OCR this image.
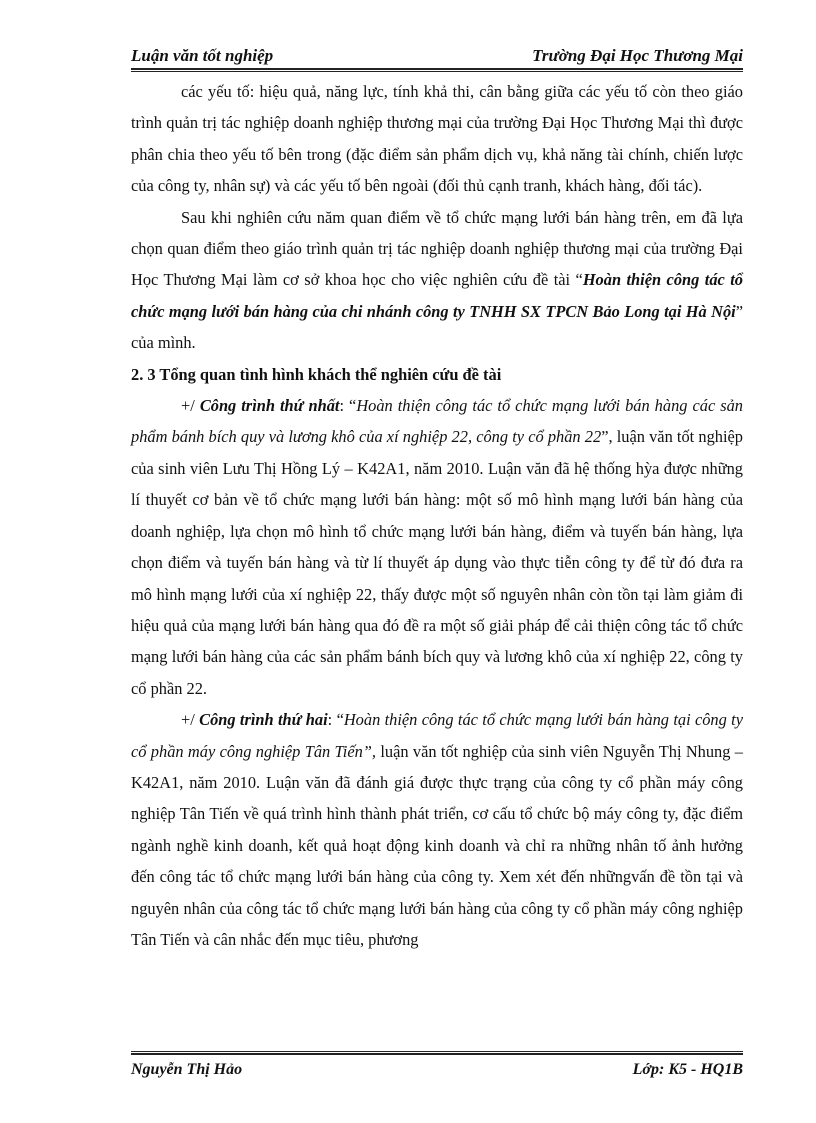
Luận văn tốt nghiệp	Trường Đại Học Thương Mại

các yếu tố: hiệu quả, năng lực, tính khả thi, cân bằng giữa các yếu tố còn theo giáo trình quản trị tác nghiệp doanh nghiệp thương mại của trường Đại Học Thương Mại thì được phân chia theo yếu tố bên trong (đặc điểm sản phẩm dịch vụ, khả năng tài chính, chiến lược của công ty, nhân sự) và các yếu tố bên ngoài (đối thủ cạnh tranh, khách hàng, đối tác).

Sau khi nghiên cứu năm quan điểm về tổ chức mạng lưới bán hàng trên, em đã lựa chọn quan điểm theo giáo trình quản trị tác nghiệp doanh nghiệp thương mại của trường Đại Học Thương Mại làm cơ sở khoa học cho việc nghiên cứu đề tài “Hoàn thiện công tác tổ chức mạng lưới bán hàng của chi nhánh công ty TNHH SX TPCN Bảo Long tại Hà Nội” của mình.

2. 3 Tổng quan tình hình khách thể nghiên cứu đề tài

+/ Công trình thứ nhất: “Hoàn thiện công tác tổ chức mạng lưới bán hàng các sản phẩm bánh bích quy và lương khô của xí nghiệp 22, công ty cổ phần 22”, luận văn tốt nghiệp của sinh viên Lưu Thị Hồng Lý – K42A1, năm 2010. Luận văn đã hệ thống hỳa được những lí thuyết cơ bản về tổ chức mạng lưới bán hàng: một số mô hình mạng lưới bán hàng của doanh nghiệp, lựa chọn mô hình tổ chức mạng lưới bán hàng, điểm và tuyến bán hàng, lựa chọn điểm và tuyến bán hàng và từ lí thuyết áp dụng vào thực tiễn công ty để từ đó đưa ra mô hình mạng lưới của xí nghiệp 22, thấy được một số nguyên nhân còn tồn tại làm giảm đi hiệu quả của mạng lưới bán hàng qua đó đề ra một số giải pháp để cải thiện công tác tổ chức mạng lưới bán hàng của các sản phẩm bánh bích quy và lương khô của xí nghiệp 22, công ty cổ phần 22.

+/ Công trình thứ hai: “Hoàn thiện công tác tổ chức mạng lưới bán hàng tại công ty cổ phần máy công nghiệp Tân Tiến”, luận văn tốt nghiệp của sinh viên Nguyễn Thị Nhung – K42A1, năm 2010. Luận văn đã đánh giá được thực trạng của công ty cổ phần máy công nghiệp Tân Tiến về quá trình hình thành phát triển, cơ cấu tổ chức bộ máy công ty, đặc điểm ngành nghề kinh doanh, kết quả hoạt động kinh doanh và chỉ ra những nhân tố ảnh hưởng đến công tác tổ chức mạng lưới bán hàng của công ty. Xem xét đến nhữngvấn đề tồn tại và nguyên nhân của công tác tổ chức mạng lưới bán hàng của công ty cổ phần máy công nghiệp Tân Tiến và cân nhắc đến mục tiêu, phương

Nguyễn Thị Hảo	Lớp: K5 - HQ1B
